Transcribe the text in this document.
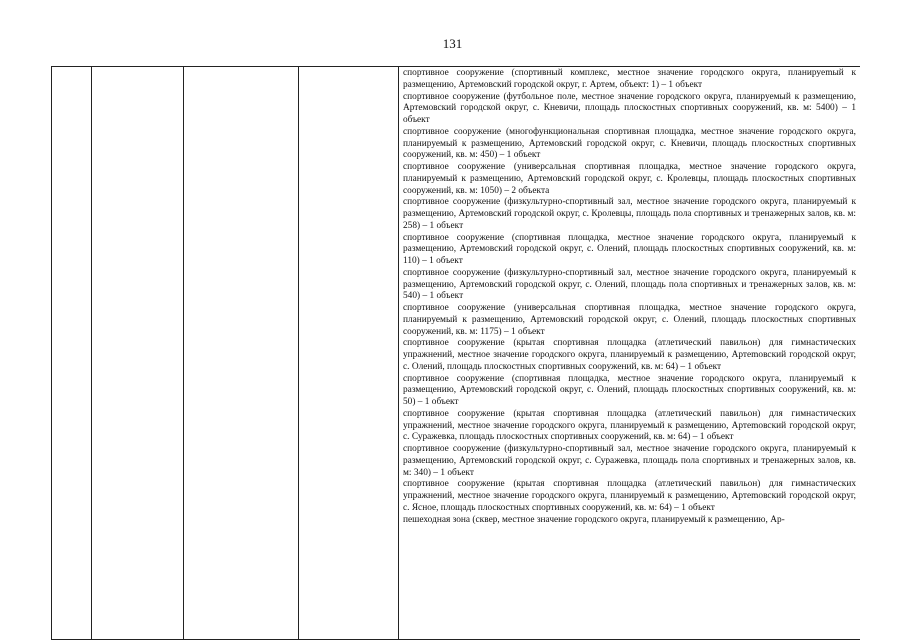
131

спортивное сооружение (спортивный комплекс, местное значение городского округа, планируemый к размещению, Артемовский городской округ, г. Артем, объект: 1) – 1 объект
спортивное сооружение (футбольное поле, местное значение городского округа, планируемый к размещению, Артемовский городской округ, с. Кневичи, площадь плоскостных спортивных сооружений, кв. м: 5400) – 1 объект
спортивное сооружение (многофункциональная спортивная площадка, местное значение городского округа, планируемый к размещению, Артемовский городской округ, с. Кневичи, площадь плоскостных спортивных сооружений, кв. м: 450) – 1 объект
спортивное сооружение (универсальная спортивная площадка, местное значение городского округа, планируемый к размещению, Артемовский городской округ, с. Кролевцы, площадь плоскостных спортивных сооружений, кв. м: 1050) – 2 объекта
спортивное сооружение (физкультурно-спортивный зал, местное значение городского округа, планируемый к размещению, Артемовский городской округ, с. Кролевцы, площадь пола спортивных и тренажерных залов, кв. м: 258) – 1 объект
спортивное сооружение (спортивная площадка, местное значение городского округа, планируемый к размещению, Артемовский городской округ, с. Олений, площадь плоскостных спортивных сооружений, кв. м: 110) – 1 объект
спортивное сооружение (физкультурно-спортивный зал, местное значение городского округа, планируемый к размещению, Артемовский городской округ, с. Олений, площадь пола спортивных и тренажерных залов, кв. м: 540) – 1 объект
спортивное сооружение (универсальная спортивная площадка, местное значение городского округа, планируемый к размещению, Артемовский городской округ, с. Олений, площадь плоскостных спортивных сооружений, кв. м: 1175) – 1 объект
спортивное сооружение (крытая спортивная площадка (атлетический павильон) для гимнастических упражнений, местное значение городского округа, планируемый к размещению, Артеmовский городской округ, с. Олений, площадь плоскостных спортивных сооружений, кв. м: 64) – 1 объект
спортивное сооружение (спортивная площадка, местное значение городского округа, планируемый к размещению, Артемовский городской округ, с. Олений, площадь плоскостных спортивных сооружений, кв. м: 50) – 1 объект
спортивное сооружение (крытая спортивная площадка (атлетический павильон) для гимнастических упражнений, местное значение городского округа, планируемый к размещению, Артеmовский городской округ, с. Суражевка, площадь плоскостных спортивных сооружений, кв. м: 64) – 1 объект
спортивное сооружение (физкультурно-спортивный зал, местное значение городского округа, планируемый к размещению, Артемовский городской округ, с. Суражевка, площадь пола спортивных и тренажерных залов, кв. м: 340) – 1 объект
спортивное сооружение (крытая спортивная площадка (атлетический павильон) для гимнастических упражнений, местное значение городского округа, планируемый к размещению, Артеmовский городской округ, с. Ясное, площадь плоскостных спортивных сооружений, кв. м: 64) – 1 объект
пешеходная зона (сквер, местное значение городского округа, планируемый к размещению, Ар-
